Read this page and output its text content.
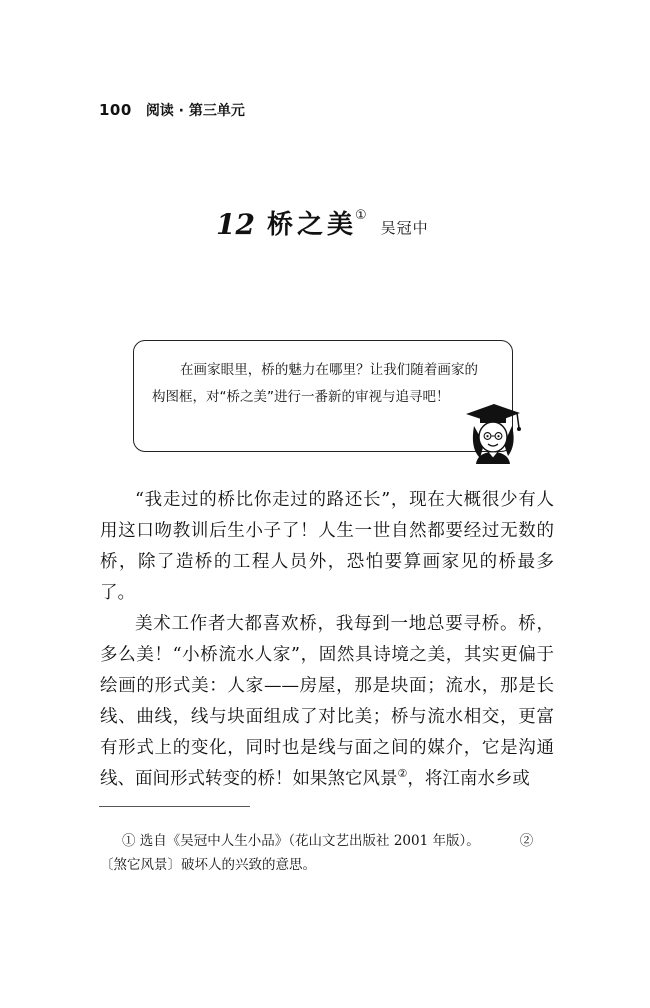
100 阅读 · 第三单元
12 桥之美
①
吴冠中
在画家眼里，桥的魅力在哪里？让我们随着画家的构图框，对“桥之美”进行一番新的审视与追寻吧！

“我走过的桥比你走过的路还长”，现在大概很少有人用这口吻教训后生小子了！人生一世自然都要经过无数的桥，除了造桥的工程人员外，恐怕要算画家见的桥最多了。

美术工作者大都喜欢桥，我每到一地总要寻桥。桥，多么美！“小桥流水人家”，固然具诗境之美，其实更偏于绘画的形式美：人家——房屋，那是块面；流水，那是长线、曲线，线与块面组成了对比美；桥与流水相交，更富有形式上的变化，同时也是线与面之间的媒介，它是沟通线、面间形式转变的桥！如果煞它风景②，将江南水乡或

① 选自《吴冠中人生小品》（花山文艺出版社 2001 年版）。	②〔煞它风景〕破坏人的兴致的意思。
